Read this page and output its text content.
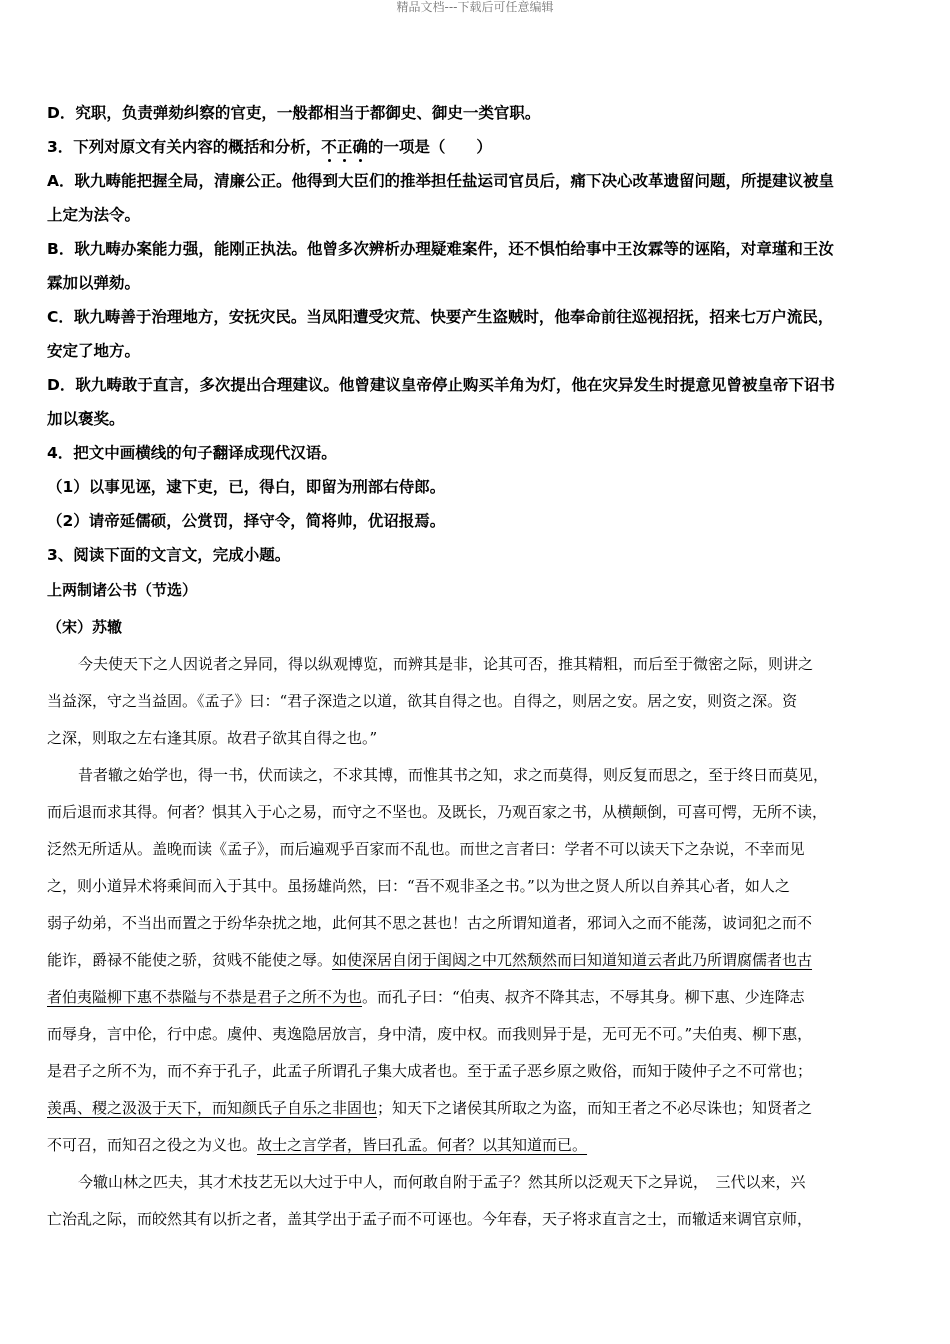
精品文档---下载后可任意编辑

D．究职，负责弹劾纠察的官吏，一般都相当于都御史、御史一类官职。

3．下列对原文有关内容的概括和分析，不正确的一项是（　　）

A．耿九畴能把握全局，清廉公正。他得到大臣们的推举担任盐运司官员后，痛下决心改革遗留问题，所提建议被皇

上定为法令。

B．耿九畴办案能力强，能刚正执法。他曾多次辨析办理疑难案件，还不惧怕给事中王汝霖等的诬陷，对章瑾和王汝

霖加以弹劾。

C．耿九畴善于治理地方，安抚灾民。当凤阳遭受灾荒、快要产生盗贼时，他奉命前往巡视招抚，招来七万户流民，

安定了地方。

D．耿九畴敢于直言，多次提出合理建议。他曾建议皇帝停止购买羊角为灯，他在灾异发生时提意见曾被皇帝下诏书

加以褒奖。

4．把文中画横线的句子翻译成现代汉语。

（1）以事见诬，逮下吏，已，得白，即留为刑部右侍郎。

（2）请帝延儒硕，公赏罚，择守令，简将帅，优诏报焉。

3、阅读下面的文言文，完成小题。

上两制诸公书（节选）

（宋）苏辙

今夫使天下之人因说者之异同，得以纵观博览，而辨其是非，论其可否，推其精粗，而后至于微密之际，则讲之

当益深，守之当益固。《孟子》曰：“君子深造之以道，欲其自得之也。自得之，则居之安。居之安，则资之深。资

之深，则取之左右逢其原。故君子欲其自得之也。”

昔者辙之始学也，得一书，伏而读之，不求其博，而惟其书之知，求之而莫得，则反复而思之，至于终日而莫见，

而后退而求其得。何者？惧其入于心之易，而守之不坚也。及既长，乃观百家之书，从横颠倒，可喜可愕，无所不读，

泛然无所适从。盖晚而读《孟子》，而后遍观乎百家而不乱也。而世之言者曰：学者不可以读天下之杂说，不幸而见

之，则小道异术将乘间而入于其中。虽扬雄尚然，曰：“吾不观非圣之书。”以为世之贤人所以自养其心者，如人之

弱子幼弟，不当出而置之于纷华杂扰之地，此何其不思之甚也！古之所谓知道者，邪词入之而不能荡，诐词犯之而不

能诈，爵禄不能使之骄，贫贱不能使之辱。如使深居自闭于闺闼之中兀然颓然而曰知道知道云者此乃所谓腐儒者也古

者伯夷隘柳下惠不恭隘与不恭是君子之所不为也。而孔子曰：“伯夷、叔齐不降其志，不辱其身。柳下惠、少连降志

而辱身，言中伦，行中虑。虞仲、夷逸隐居放言，身中清，废中权。而我则异于是，无可无不可。”夫伯夷、柳下惠，

是君子之所不为，而不弃于孔子，此孟子所谓孔子集大成者也。至于孟子恶乡原之败俗，而知于陵仲子之不可常也；

羡禹、稷之汲汲于天下，而知颜氏子自乐之非固也；知天下之诸侯其所取之为盗，而知王者之不必尽诛也；知贤者之

不可召，而知召之役之为义也。故士之言学者，皆曰孔孟。何者？以其知道而已。

今辙山林之匹夫，其才术技艺无以大过于中人，而何敢自附于孟子？然其所以泛观天下之异说，　三代以来，兴

亡治乱之际，而皎然其有以折之者，盖其学出于孟子而不可诬也。今年春，天子将求直言之士，而辙适来调官京师，
